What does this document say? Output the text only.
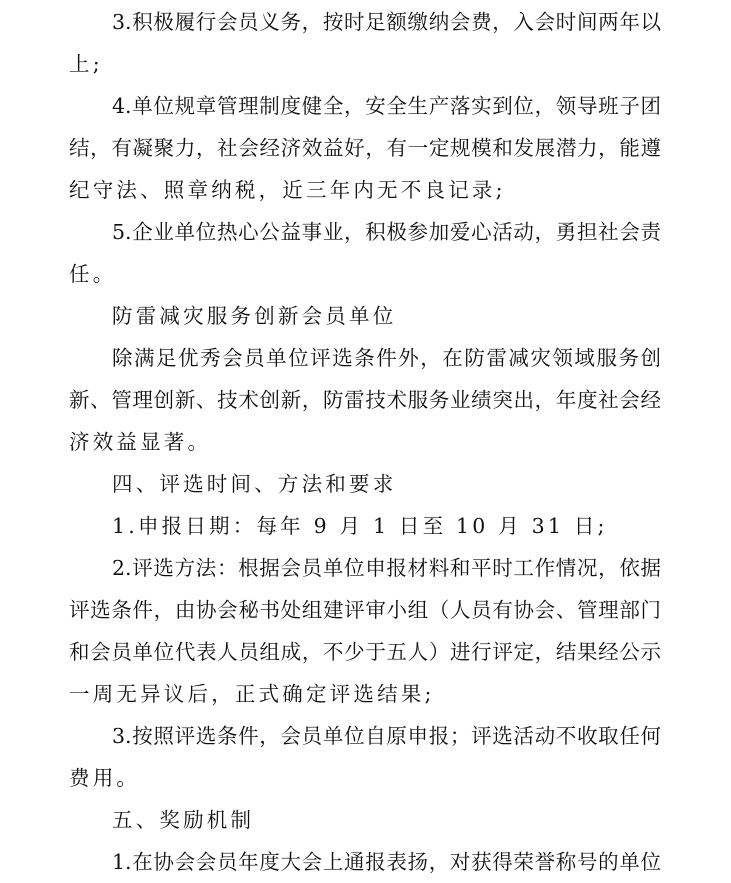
3.积极履行会员义务，按时足额缴纳会费，入会时间两年以
上;
4.单位规章管理制度健全，安全生产落实到位，领导班子团
结，有凝聚力，社会经济效益好，有一定规模和发展潜力，能遵
纪守法、照章纳税，近三年内无不良记录;
5.企业单位热心公益事业，积极参加爱心活动，勇担社会责
任。
防雷减灾服务创新会员单位
除满足优秀会员单位评选条件外，在防雷减灾领域服务创
新、管理创新、技术创新，防雷技术服务业绩突出，年度社会经
济效益显著。
四、评选时间、方法和要求
1.申报日期：每年 9 月 1 日至 10 月 31 日;
2.评选方法：根据会员单位申报材料和平时工作情况，依据
评选条件，由协会秘书处组建评审小组（人员有协会、管理部门
和会员单位代表人员组成，不少于五人）进行评定，结果经公示
一周无异议后，正式确定评选结果;
3.按照评选条件，会员单位自原申报；评选活动不收取任何
费用。
五、奖励机制
1.在协会会员年度大会上通报表扬，对获得荣誉称号的单位
